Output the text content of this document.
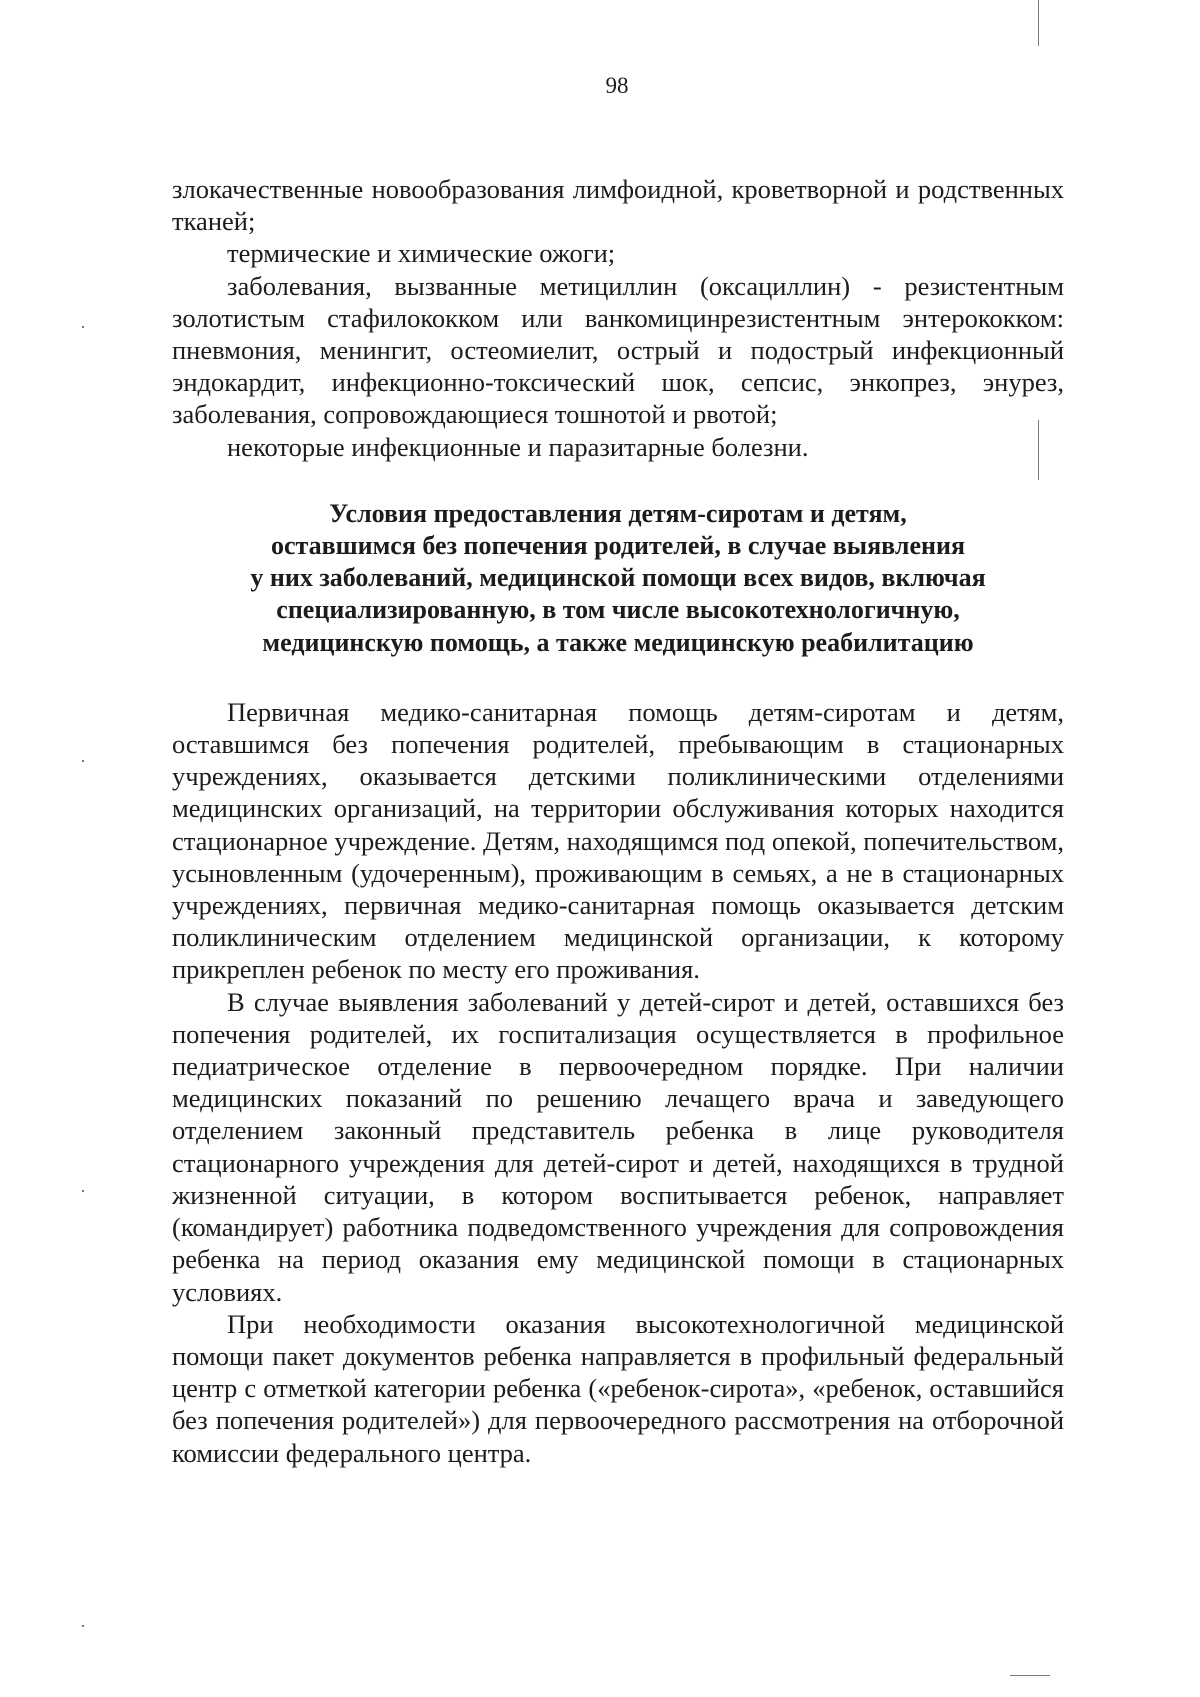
98

злокачественные новообразования лимфоидной, кроветворной и родственных тканей;

термические и химические ожоги;

заболевания, вызванные метициллин (оксациллин) - резистентным золотистым стафилококком или ванкомицинрезистентным энтерококком: пневмония, менингит, остеомиелит, острый и подострый инфекционный эндокардит, инфекционно-токсический шок, сепсис, энкопрез, энурез, заболевания, сопровождающиеся тошнотой и рвотой;

некоторые инфекционные и паразитарные болезни.

Условия предоставления детям-сиротам и детям,
оставшимся без попечения родителей, в случае выявления
у них заболеваний, медицинской помощи всех видов, включая
специализированную, в том числе высокотехнологичную,
медицинскую помощь, а также медицинскую реабилитацию

Первичная медико-санитарная помощь детям-сиротам и детям, оставшимся без попечения родителей, пребывающим в стационарных учреждениях, оказывается детскими поликлиническими отделениями медицинских организаций, на территории обслуживания которых находится стационарное учреждение. Детям, находящимся под опекой, попечительством, усыновленным (удочеренным), проживающим в семьях, а не в стационарных учреждениях, первичная медико-санитарная помощь оказывается детским поликлиническим отделением медицинской организации, к которому прикреплен ребенок по месту его проживания.

В случае выявления заболеваний у детей-сирот и детей, оставшихся без попечения родителей, их госпитализация осуществляется в профильное педиатрическое отделение в первоочередном порядке. При наличии медицинских показаний по решению лечащего врача и заведующего отделением законный представитель ребенка в лице руководителя стационарного учреждения для детей-сирот и детей, находящихся в трудной жизненной ситуации, в котором воспитывается ребенок, направляет (командирует) работника подведомственного учреждения для сопровождения ребенка на период оказания ему медицинской помощи в стационарных условиях.

При необходимости оказания высокотехнологичной медицинской помощи пакет документов ребенка направляется в профильный федеральный центр с отметкой категории ребенка («ребенок-сирота», «ребенок, оставшийся без попечения родителей») для первоочередного рассмотрения на отборочной комиссии федерального центра.
